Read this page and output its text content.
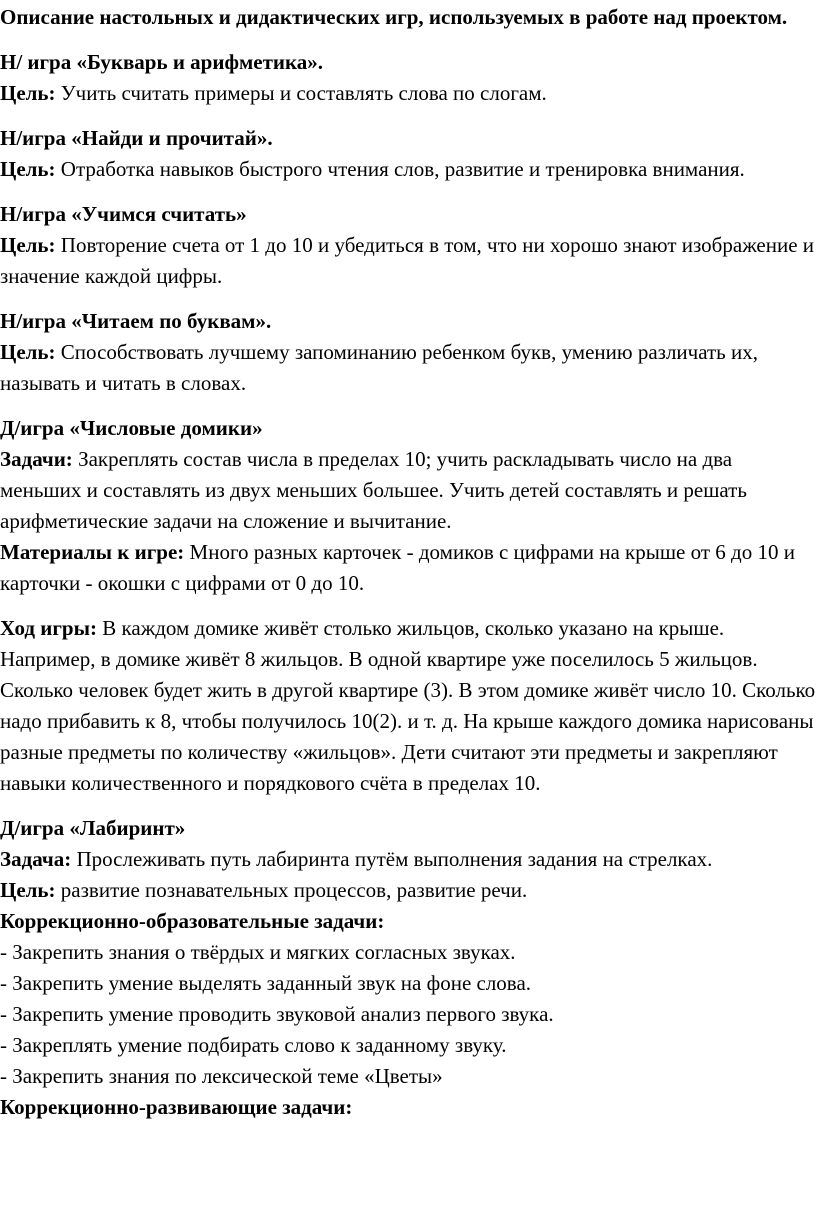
Описание настольных и дидактических игр, используемых в работе над проектом.
Н/ игра «Букварь и арифметика».
Цель: Учить считать примеры и составлять слова по слогам.
Н/игра «Найди и прочитай».
Цель: Отработка навыков быстрого чтения слов, развитие и тренировка внимания.
Н/игра «Учимся считать»
Цель: Повторение счета от 1 до 10 и убедиться в том, что ни хорошо знают изображение и значение каждой цифры.
Н/игра «Читаем по буквам».
Цель: Способствовать лучшему запоминанию ребенком букв, умению различать их, называть и читать в словах.
Д/игра «Числовые домики»
Задачи: Закреплять состав числа в пределах 10; учить раскладывать число на два меньших и составлять из двух меньших большее. Учить детей составлять и решать арифметические задачи на сложение и вычитание.
Материалы к игре: Много разных карточек - домиков с цифрами на крыше от 6 до 10 и карточки - окошки с цифрами от 0 до 10.
Ход игры: В каждом домике живёт столько жильцов, сколько указано на крыше. Например, в домике живёт 8 жильцов. В одной квартире уже поселилось 5 жильцов. Сколько человек будет жить в другой квартире (3). В этом домике живёт число 10. Сколько надо прибавить к 8, чтобы получилось 10(2). и т. д. На крыше каждого домика нарисованы разные предметы по количеству «жильцов». Дети считают эти предметы и закрепляют навыки количественного и порядкового счёта в пределах 10.
Д/игра «Лабиринт»
Задача: Прослеживать путь лабиринта путём выполнения задания на стрелках.
Цель: развитие познавательных процессов, развитие речи.
Коррекционно-образовательные задачи:
- Закрепить знания о твёрдых и мягких согласных звуках.
- Закрепить умение выделять заданный звук на фоне слова.
- Закрепить умение проводить звуковой анализ первого звука.
- Закреплять умение подбирать слово к заданному звуку.
- Закрепить знания по лексической теме «Цветы»
Коррекционно-развивающие задачи:
